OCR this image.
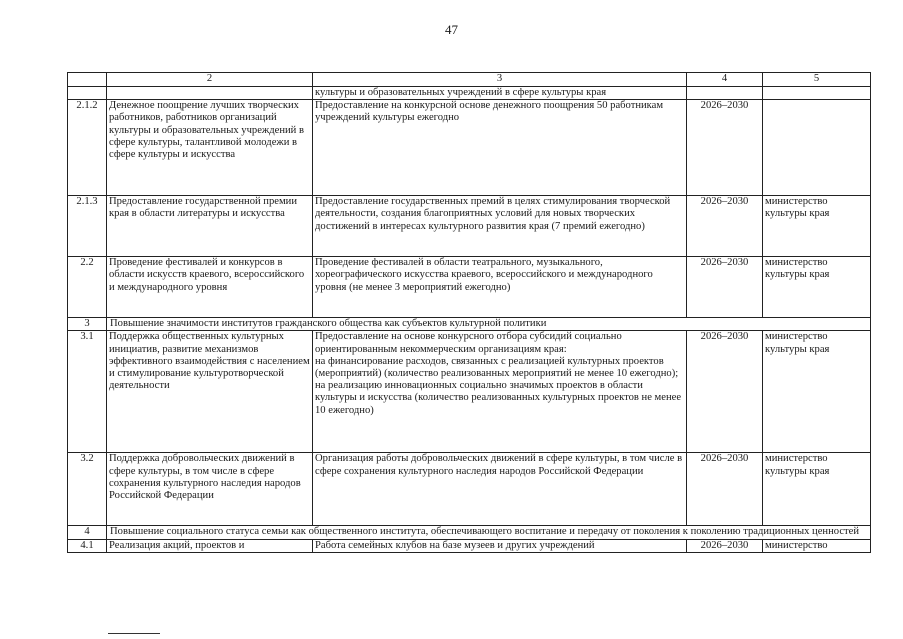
47
	2	3	4	5
		культуры и образовательных учреждений в сфере культуры края		
2.1.2	Денежное поощрение лучших творческих работников, работников организаций культуры и образовательных учреждений в сфере культуры, талантливой молодежи в сфере культуры и искусства	Предоставление на конкурсной основе денежного поощрения 50 работникам учреждений культуры ежегодно	2026–2030	
2.1.3	Предоставление государственной премии края в области литературы и искусства	Предоставление государственных премий в целях стимулирования творческой деятельности, создания благоприятных условий для новых творческих достижений в интересах культурного развития края (7 премий ежегодно)	2026–2030	министерство культуры края
2.2	Проведение фестивалей и конкурсов в области искусств краевого, всероссийского и международного уровня	Проведение фестивалей в области театрального, музыкального, хореографического искусства краевого, всероссийского и международного уровня (не менее 3 мероприятий ежегодно)	2026–2030	министерство культуры края
3	Повышение значимости институтов гражданского общества как субъектов культурной политики			
3.1	Поддержка общественных культурных инициатив, развитие механизмов эффективного взаимодействия с населением и стимулирование культуротворческой деятельности	Предоставление на основе конкурсного отбора субсидий социально ориентированным некоммерческим организациям края:
на финансирование расходов, связанных с реализацией культурных проектов (мероприятий) (количество реализованных мероприятий не менее 10 ежегодно);
на реализацию инновационных социально значимых проектов в области культуры и искусства (количество реализованных культурных проектов не менее 10 ежегодно)	2026–2030	министерство культуры края
3.2	Поддержка добровольческих движений в сфере культуры, в том числе в сфере сохранения культурного наследия народов Российской Федерации	Организация работы добровольческих движений в сфере культуры, в том числе в сфере сохранения культурного наследия народов Российской Федерации	2026–2030	министерство культуры края
4	Повышение социального статуса семьи как общественного института, обеспечивающего воспитание и передачу от поколения к поколению традиционных ценностей			
4.1	Реализация акций, проектов и	Работа семейных клубов на базе музеев и других учреждений	2026–2030	министерство
